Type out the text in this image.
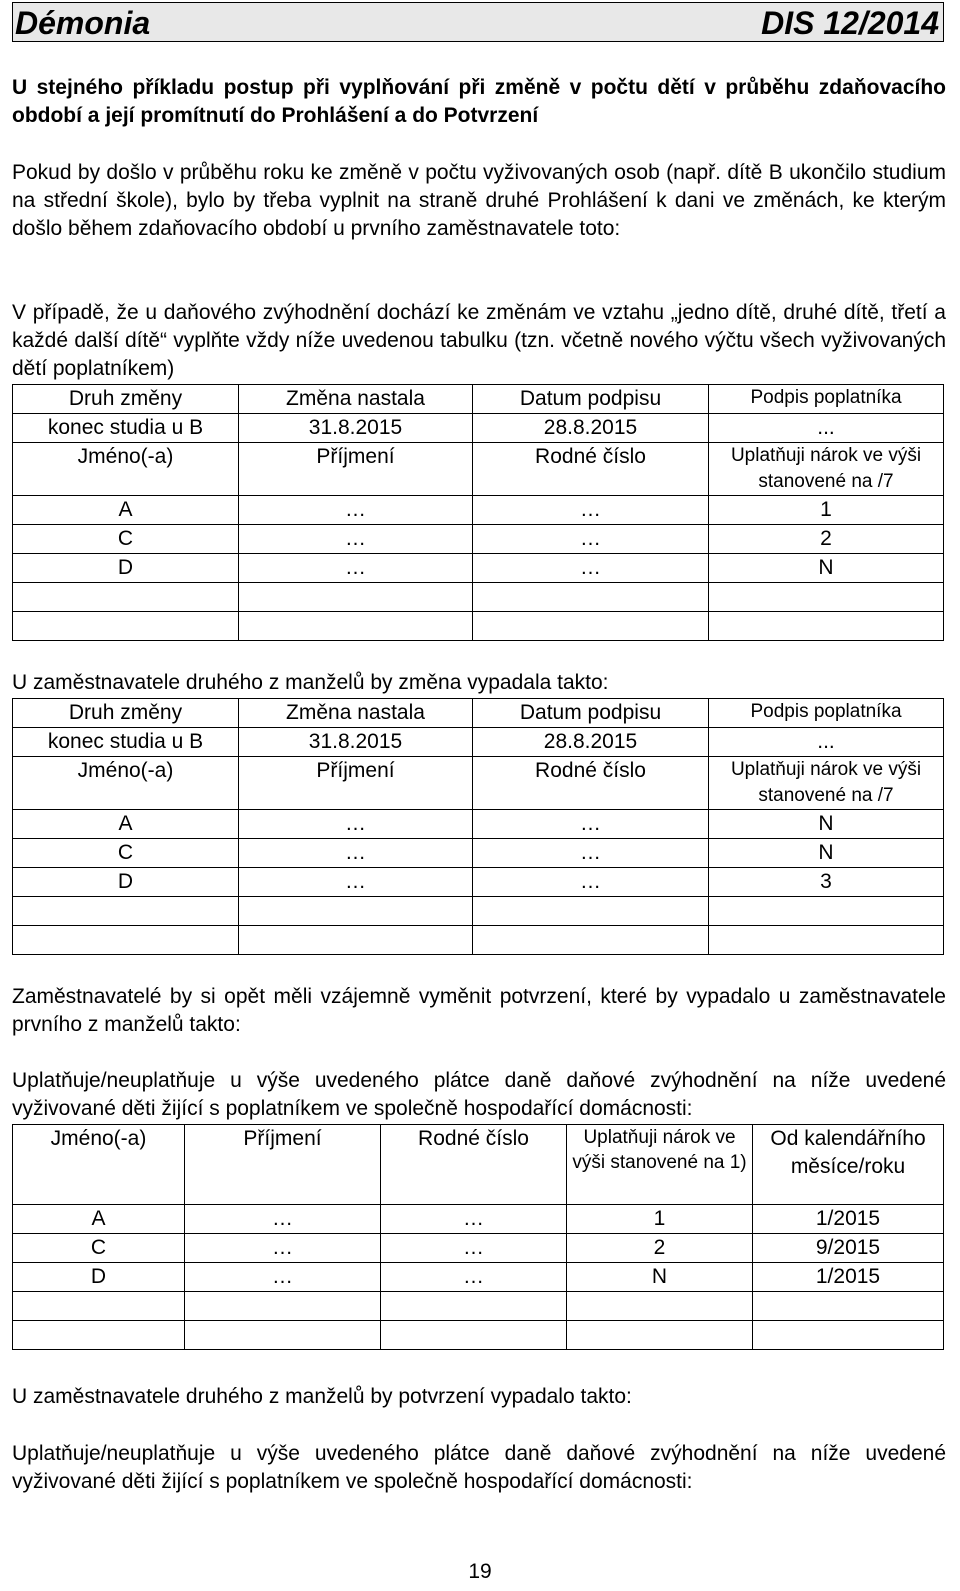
Démonia	DIS 12/2014

U stejného příkladu postup při vyplňování při změně v počtu dětí v průběhu zdaňovacího období a její promítnutí do Prohlášení a do Potvrzení

Pokud by došlo v průběhu roku ke změně v počtu vyživovaných osob (např. dítě B ukončilo studium na střední škole), bylo by třeba vyplnit na straně druhé Prohlášení k dani ve změnách, ke kterým došlo během zdaňovacího období u prvního zaměstnavatele toto:

V případě, že u daňového zvýhodnění dochází ke změnám ve vztahu „jedno dítě, druhé dítě, třetí a každé další dítě“ vyplňte vždy níže uvedenou tabulku (tzn. včetně nového výčtu všech vyživovaných dětí poplatníkem)

Druh změny	Změna nastala	Datum podpisu	Podpis poplatníka
konec studia u B	31.8.2015	28.8.2015	...
Jméno(-a)	Příjmení	Rodné číslo	Uplatňuji nárok ve výši stanovené na /7
A	…	…	1
C	…	…	2
D	…	…	N

U zaměstnavatele druhého z manželů by změna vypadala takto:

Druh změny	Změna nastala	Datum podpisu	Podpis poplatníka
konec studia u B	31.8.2015	28.8.2015	...
Jméno(-a)	Příjmení	Rodné číslo	Uplatňuji nárok ve výši stanovené na /7
A	…	…	N
C	…	…	N
D	…	…	3

Zaměstnavatelé by si opět měli vzájemně vyměnit potvrzení, které by vypadalo u zaměstnavatele prvního z manželů takto:

Uplatňuje/neuplatňuje u výše uvedeného plátce daně daňové zvýhodnění na níže uvedené vyživované děti žijící s poplatníkem ve společně hospodařící domácnosti:

Jméno(-a)	Příjmení	Rodné číslo	Uplatňuji nárok ve výši stanovené na 1)	Od kalendářního měsíce/roku
A	…	…	1	1/2015
C	…	…	2	9/2015
D	…	…	N	1/2015

U zaměstnavatele druhého z manželů by potvrzení vypadalo takto:

Uplatňuje/neuplatňuje u výše uvedeného plátce daně daňové zvýhodnění na níže uvedené vyživované děti žijící s poplatníkem ve společně hospodařící domácnosti:

19
